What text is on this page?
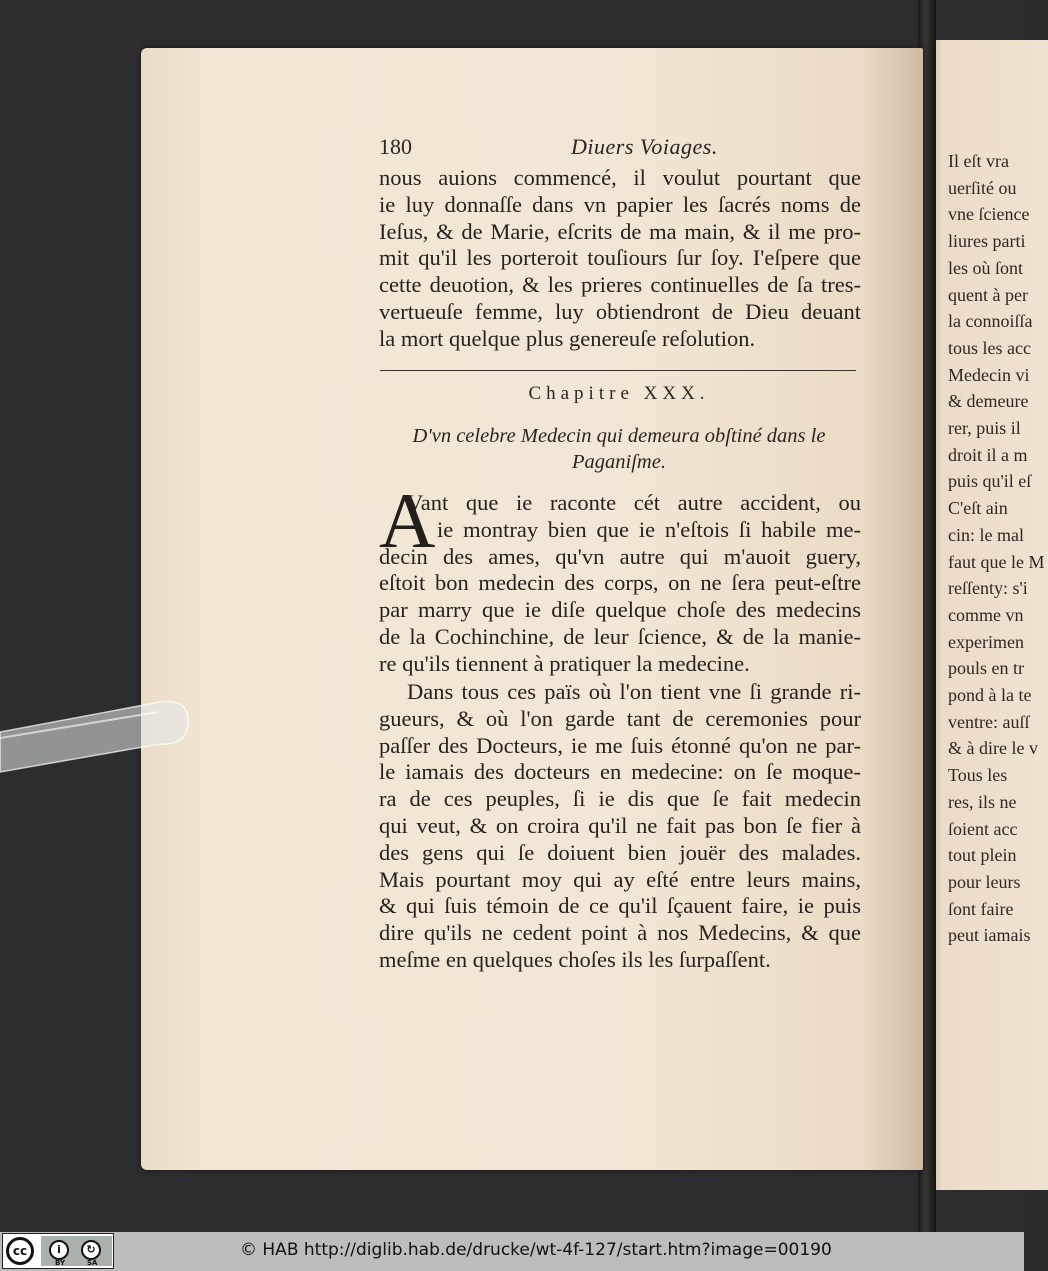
180	Diuers Voiages.
nous auions commencé, il voulut pourtant que
ie luy donnaſſe dans vn papier les ſacrés noms de
Ieſus, & de Marie, eſcrits de ma main, & il me pro-
mit qu'il les porteroit touſiours ſur ſoy. I'eſpere que
cette deuotion, & les prieres continuelles de ſa tres-
vertueuſe femme, luy obtiendront de Dieu deuant
la mort quelque plus genereuſe reſolution.
Chapitre XXX.
D'vn celebre Medecin qui demeura obſtiné dans le
Paganiſme.
A
Vant que ie raconte cét autre accident, ou
ie montray bien que ie n'eſtois ſi habile me-
decin des ames, qu'vn autre qui m'auoit guery,
eſtoit bon medecin des corps, on ne ſera peut-eſtre
par marry que ie diſe quelque choſe des medecins
de la Cochinchine, de leur ſcience, & de la manie-
re qu'ils tiennent à pratiquer la medecine.
Dans tous ces païs où l'on tient vne ſi grande ri-
gueurs, & où l'on garde tant de ceremonies pour
paſſer des Docteurs, ie me ſuis étonné qu'on ne par-
le iamais des docteurs en medecine: on ſe moque-
ra de ces peuples, ſi ie dis que ſe fait medecin
qui veut, & on croira qu'il ne fait pas bon ſe fier à
des gens qui ſe doiuent bien jouër des malades.
Mais pourtant moy qui ay eſté entre leurs mains,
& qui ſuis témoin de ce qu'il ſçauent faire, ie puis
dire qu'ils ne cedent point à nos Medecins, & que
meſme en quelques choſes ils les ſurpaſſent.
Il eſt vra
uerſité ou
vne ſcience
liures parti
les où ſont
quent à per
la connoiſſa
tous les acc
Medecin vi
& demeure
rer, puis il
droit il a m
puis qu'il eſ
C'eſt ain
cin: le mal
faut que le M
reſſenty: s'i
comme vn
experimen
pouls en tr
pond à la te
ventre: auſſ
& à dire le v
Tous les
res, ils ne
ſoient acc
tout plein
pour leurs
ſont faire
peut iamais
cc	i	↻
BY	SA
© HAB http://diglib.hab.de/drucke/wt-4f-127/start.htm?image=00190
